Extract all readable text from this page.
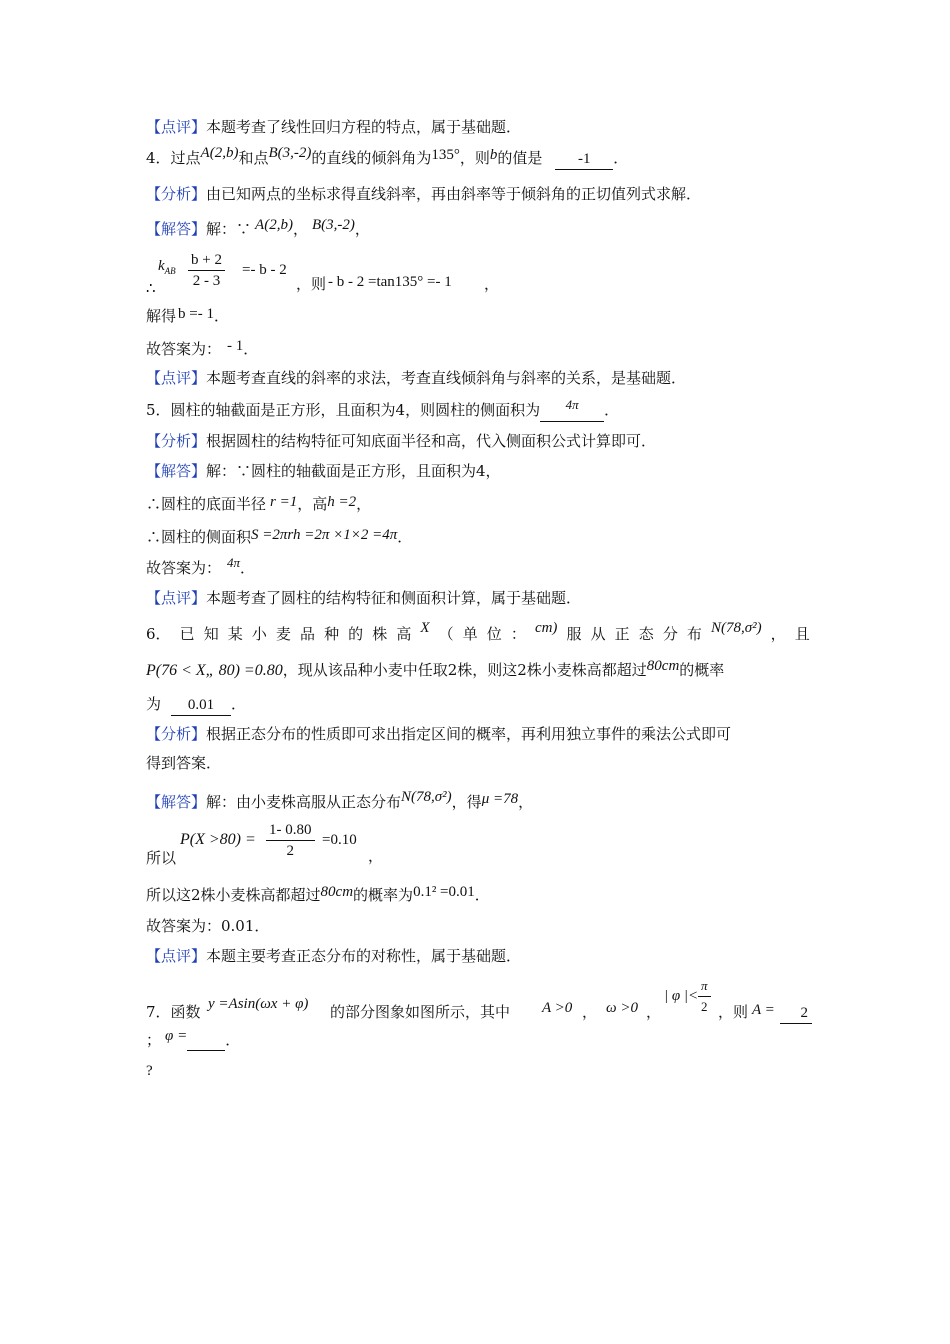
【点评】本题考查了线性回归方程的特点，属于基础题．
4．过点A(2,b)和点B(3,-2)的直线的倾斜角为135°，则b的值是 -1 ．
【分析】由已知两点的坐标求得直线斜率，再由斜率等于倾斜角的正切值列式求解．
【解答】解：∵ A(2,b)， B(3,-2)，
∴
$k_{AB} \frac{b + 2}{2 - 3} =- b - 2$
，则 - b - 2 =tan135° =- 1 ，
解得 b =- 1．
故答案为： - 1．
【点评】本题考查直线的斜率的求法，考查直线倾斜角与斜率的关系，是基础题．
5．圆柱的轴截面是正方形，且面积为4，则圆柱的侧面积为 4π ．
【分析】根据圆柱的结构特征可知底面半径和高，代入侧面积公式计算即可．
【解答】解：∵圆柱的轴截面是正方形，且面积为4，
∴圆柱的底面半径 r =1，高h =2，
∴圆柱的侧面积S =2πrh =2π ×1×2 =4π．
故答案为： 4π．
【点评】本题考查了圆柱的结构特征和侧面积计算，属于基础题．
6． 已 知 某 小 麦 品 种 的 株 高 X （ 单 位 ： cm) 服 从 正 态 分 布 N(78,σ²) ， 且
P(76 < X„ 80) =0.80，现从该品种小麦中任取2株，则这2株小麦株高都超过80cm的概率
为 0.01 ．
【分析】根据正态分布的性质即可求出指定区间的概率，再利用独立事件的乘法公式即可
得到答案．
【解答】解：由小麦株高服从正态分布N(78,σ²)，得μ =78，
$P(X >80) = \frac{1- 0.80}{2} =0.10$
所以	，
所以这2株小麦株高都超过80cm的概率为0.1² =0.01．
故答案为：0.01．
【点评】本题主要考查正态分布的对称性，属于基础题．
7．函数 y =Asin(ωx + φ) 的部分图象如图所示，其中 A >0 ， ω >0 ，
| φ |< $\frac{\pi}{2}$ ，则 A =	2
； φ =	．
?
